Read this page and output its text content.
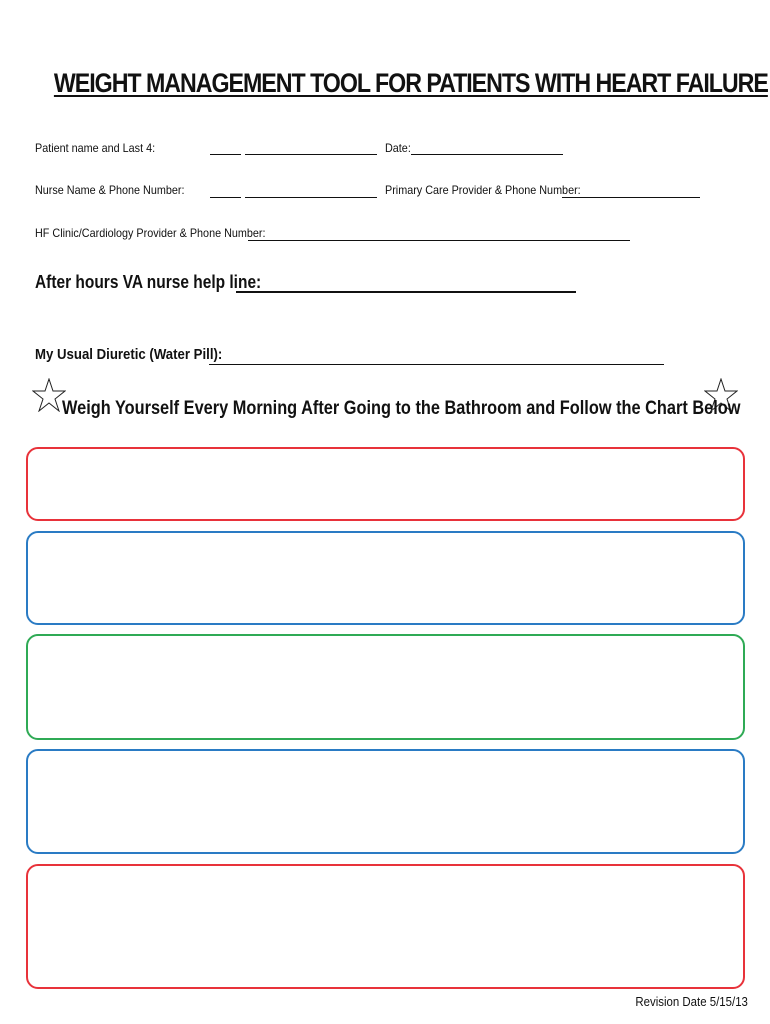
WEIGHT MANAGEMENT TOOL FOR PATIENTS WITH HEART FAILURE
Patient name and Last 4:	Date:
Nurse Name & Phone Number:	Primary Care Provider & Phone Number:
HF Clinic/Cardiology Provider & Phone Number:
After hours VA nurse help line:
My Usual Diuretic (Water Pill):
Weigh Yourself Every Morning After Going to the Bathroom and Follow the Chart Below
Revision Date 5/15/13
